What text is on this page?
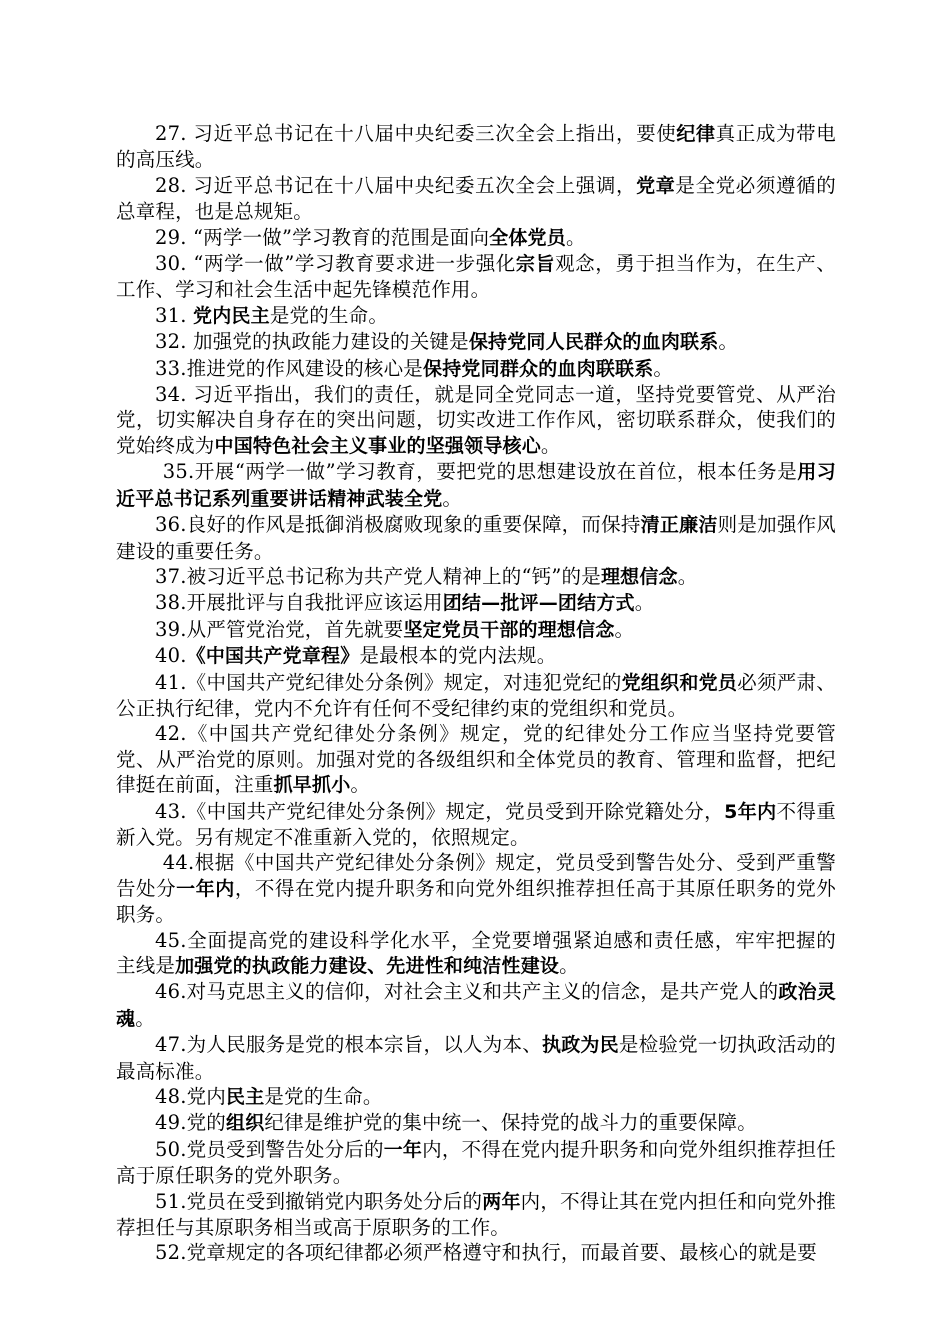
27. 习近平总书记在十八届中央纪委三次全会上指出，要使纪律真正成为带电的高压线。

28. 习近平总书记在十八届中央纪委五次全会上强调，党章是全党必须遵循的总章程，也是总规矩。

29. “两学一做”学习教育的范围是面向全体党员。

30. “两学一做”学习教育要求进一步强化宗旨观念，勇于担当作为，在生产、工作、学习和社会生活中起先锋模范作用。

31. 党内民主是党的生命。

32. 加强党的执政能力建设的关键是保持党同人民群众的血肉联系。

33.推进党的作风建设的核心是保持党同群众的血肉联联系。

34. 习近平指出，我们的责任，就是同全党同志一道，坚持党要管党、从严治党，切实解决自身存在的突出问题，切实改进工作作风，密切联系群众，使我们的党始终成为中国特色社会主义事业的坚强领导核心。

35.开展“两学一做”学习教育，要把党的思想建设放在首位，根本任务是用习近平总书记系列重要讲话精神武装全党。

36.良好的作风是抵御消极腐败现象的重要保障，而保持清正廉洁则是加强作风建设的重要任务。

37.被习近平总书记称为共产党人精神上的“钙”的是理想信念。

38.开展批评与自我批评应该运用团结—批评—团结方式。

39.从严管党治党，首先就要坚定党员干部的理想信念。

40.《中国共产党章程》是最根本的党内法规。

41.《中国共产党纪律处分条例》规定，对违犯党纪的党组织和党员必须严肃、公正执行纪律，党内不允许有任何不受纪律约束的党组织和党员。

42.《中国共产党纪律处分条例》规定，党的纪律处分工作应当坚持党要管党、从严治党的原则。加强对党的各级组织和全体党员的教育、管理和监督，把纪律挺在前面，注重抓早抓小。

43.《中国共产党纪律处分条例》规定，党员受到开除党籍处分，5年内不得重新入党。另有规定不准重新入党的，依照规定。

44.根据《中国共产党纪律处分条例》规定，党员受到警告处分、受到严重警告处分一年内，不得在党内提升职务和向党外组织推荐担任高于其原任职务的党外职务。

45.全面提高党的建设科学化水平，全党要增强紧迫感和责任感，牢牢把握的主线是加强党的执政能力建设、先进性和纯洁性建设。

46.对马克思主义的信仰，对社会主义和共产主义的信念，是共产党人的政治灵魂。

47.为人民服务是党的根本宗旨，以人为本、执政为民是检验党一切执政活动的最高标准。

48.党内民主是党的生命。

49.党的组织纪律是维护党的集中统一、保持党的战斗力的重要保障。

50.党员受到警告处分后的一年内，不得在党内提升职务和向党外组织推荐担任高于原任职务的党外职务。

51.党员在受到撤销党内职务处分后的两年内，不得让其在党内担任和向党外推荐担任与其原职务相当或高于原职务的工作。

52.党章规定的各项纪律都必须严格遵守和执行，而最首要、最核心的就是要
